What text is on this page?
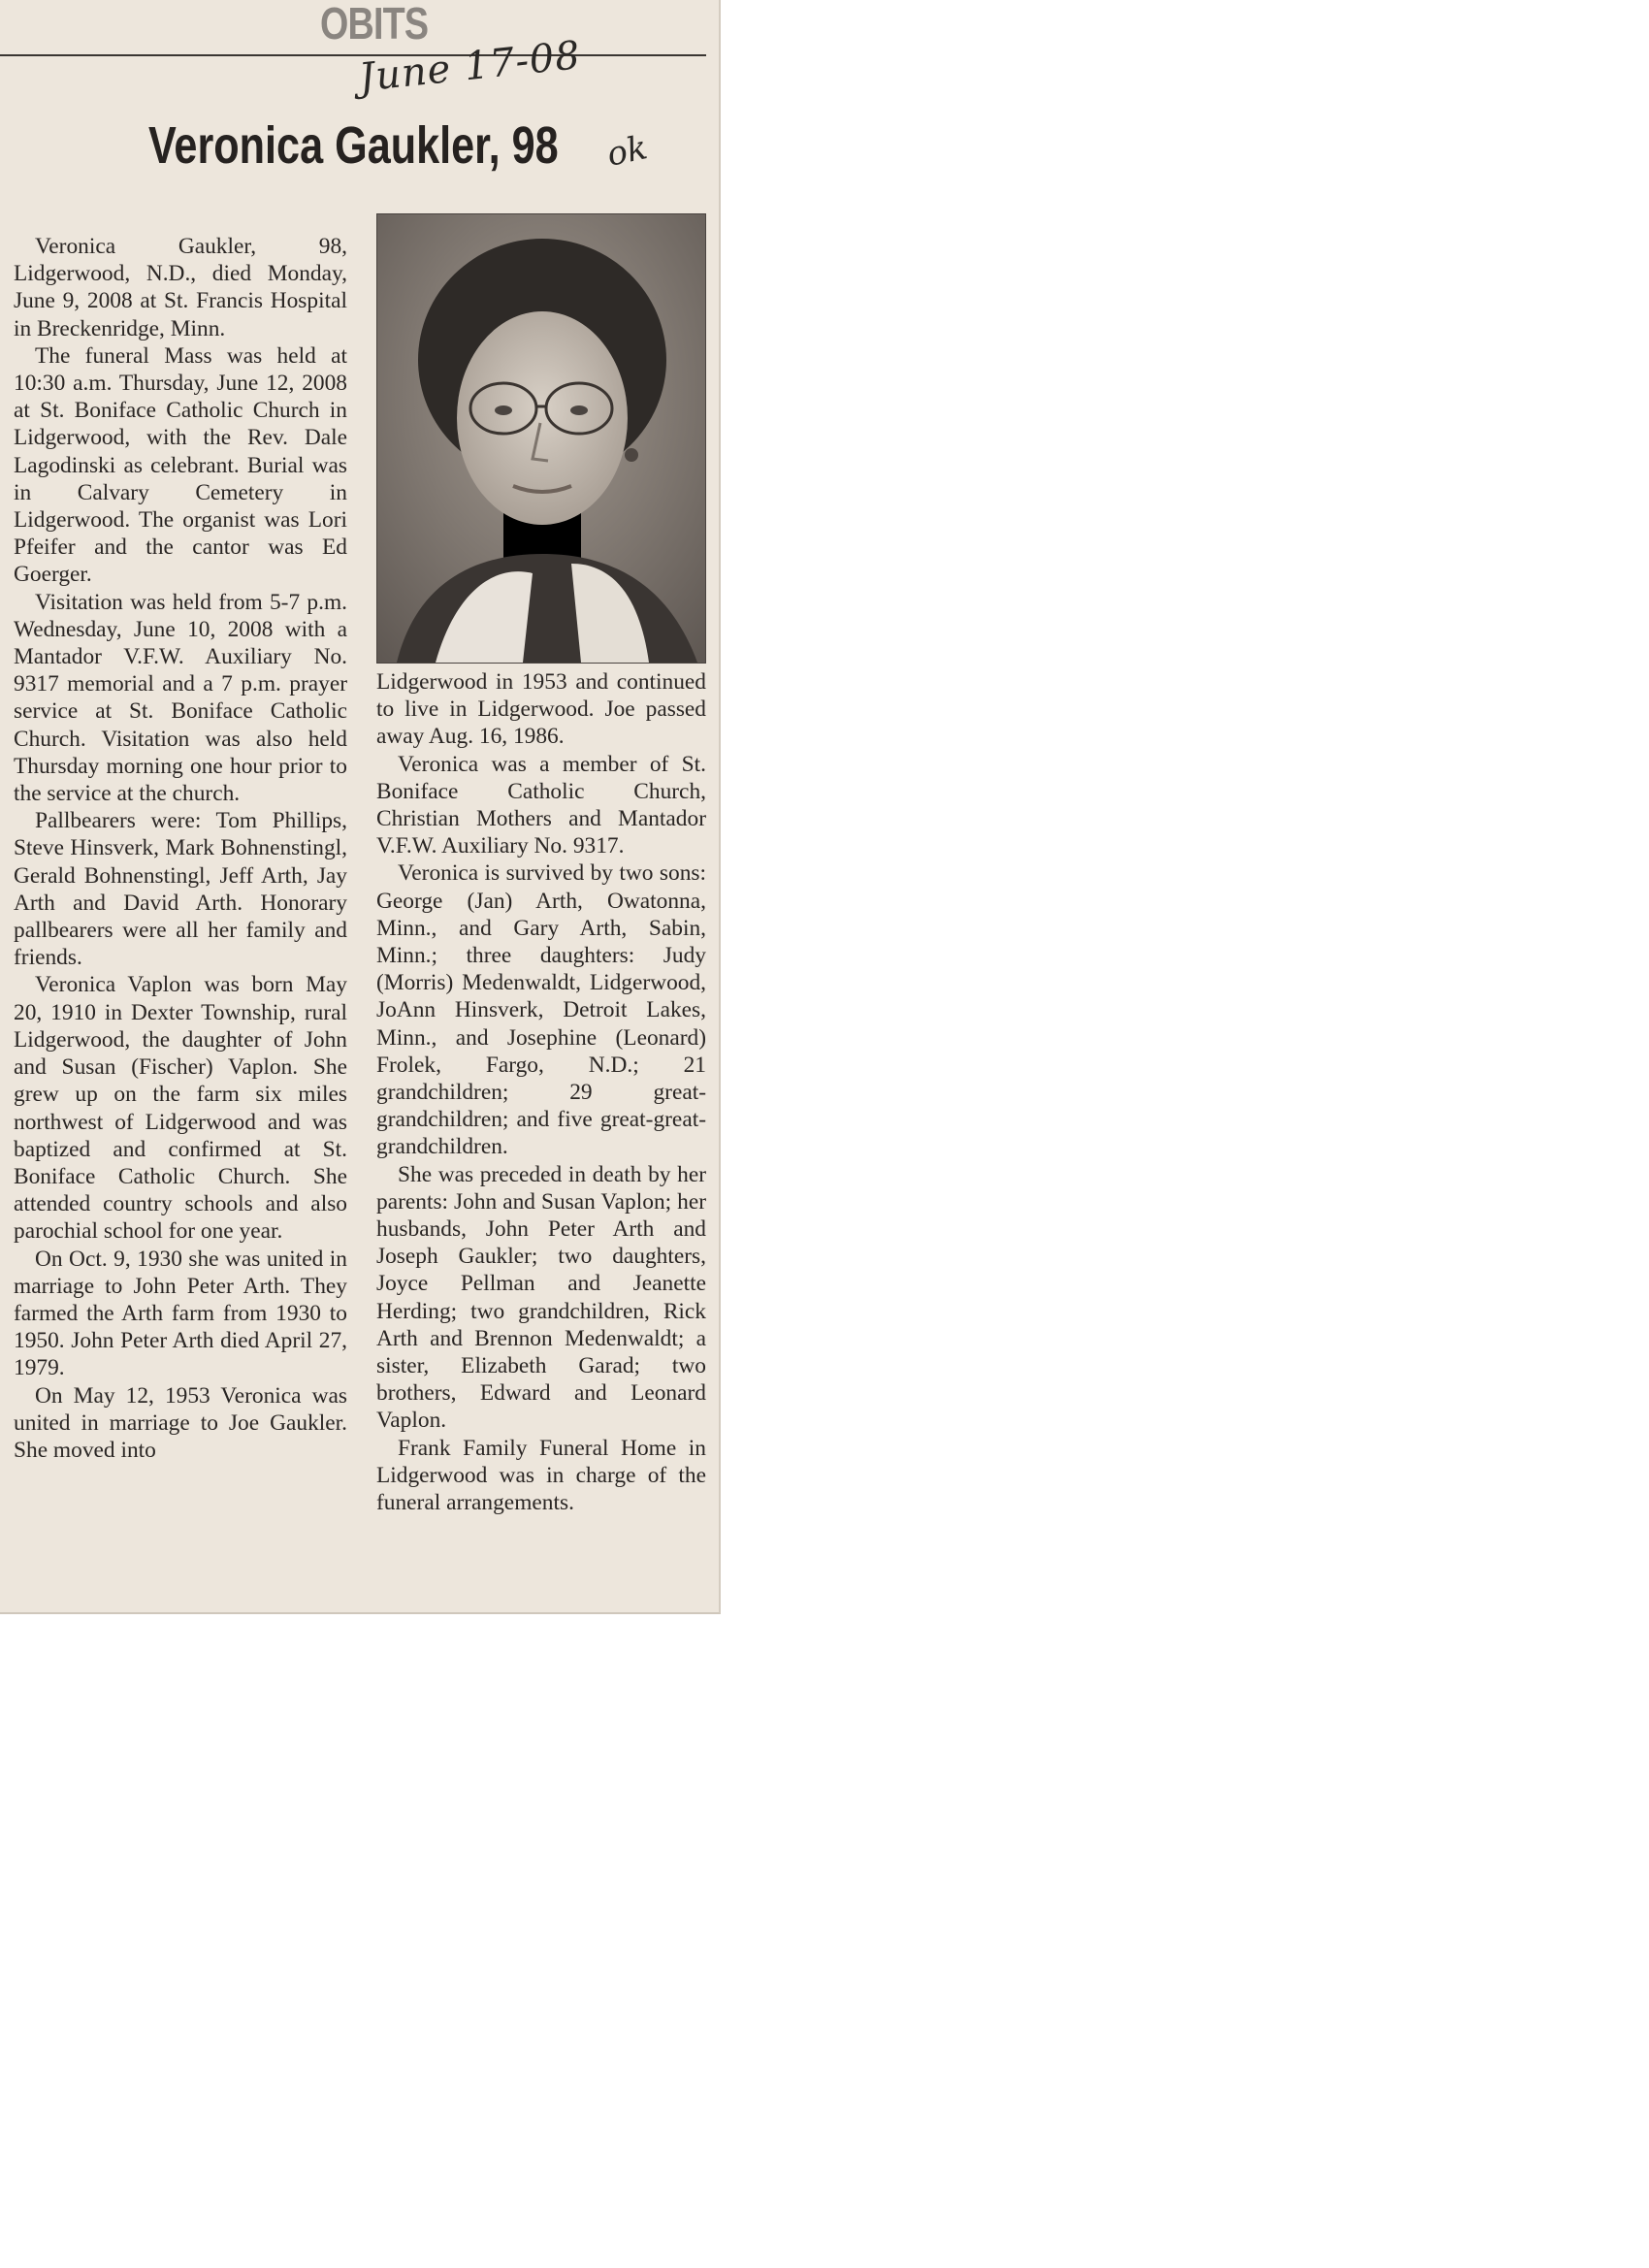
OBITS
June 17-08
ok
Veronica Gaukler, 98

Veronica Gaukler, 98, Lidgerwood, N.D., died Monday, June 9, 2008 at St. Francis Hospital in Breckenridge, Minn.

The funeral Mass was held at 10:30 a.m. Thursday, June 12, 2008 at St. Boniface Catholic Church in Lidgerwood, with the Rev. Dale Lagodinski as celebrant. Burial was in Calvary Cemetery in Lidgerwood. The organist was Lori Pfeifer and the cantor was Ed Goerger.

Visitation was held from 5-7 p.m. Wednesday, June 10, 2008 with a Mantador V.F.W. Auxiliary No. 9317 memorial and a 7 p.m. prayer service at St. Boniface Catholic Church. Visitation was also held Thursday morning one hour prior to the service at the church.

Pallbearers were: Tom Phillips, Steve Hinsverk, Mark Bohnenstingl, Gerald Bohnenstingl, Jeff Arth, Jay Arth and David Arth. Honorary pallbearers were all her family and friends.

Veronica Vaplon was born May 20, 1910 in Dexter Township, rural Lidgerwood, the daughter of John and Susan (Fischer) Vaplon. She grew up on the farm six miles northwest of Lidgerwood and was baptized and confirmed at St. Boniface Catholic Church. She attended country schools and also parochial school for one year.

On Oct. 9, 1930 she was united in marriage to John Peter Arth. They farmed the Arth farm from 1930 to 1950. John Peter Arth died April 27, 1979.

On May 12, 1953 Veronica was united in marriage to Joe Gaukler. She moved into

Lidgerwood in 1953 and continued to live in Lidgerwood. Joe passed away Aug. 16, 1986.

Veronica was a member of St. Boniface Catholic Church, Christian Mothers and Mantador V.F.W. Auxiliary No. 9317.

Veronica is survived by two sons: George (Jan) Arth, Owatonna, Minn., and Gary Arth, Sabin, Minn.; three daughters: Judy (Morris) Medenwaldt, Lidgerwood, JoAnn Hinsverk, Detroit Lakes, Minn., and Josephine (Leonard) Frolek, Fargo, N.D.; 21 grandchildren; 29 great-grandchildren; and five great-great-grandchildren.

She was preceded in death by her parents: John and Susan Vaplon; her husbands, John Peter Arth and Joseph Gaukler; two daughters, Joyce Pellman and Jeanette Herding; two grandchildren, Rick Arth and Brennon Medenwaldt; a sister, Elizabeth Garad; two brothers, Edward and Leonard Vaplon.

Frank Family Funeral Home in Lidgerwood was in charge of the funeral arrangements.
